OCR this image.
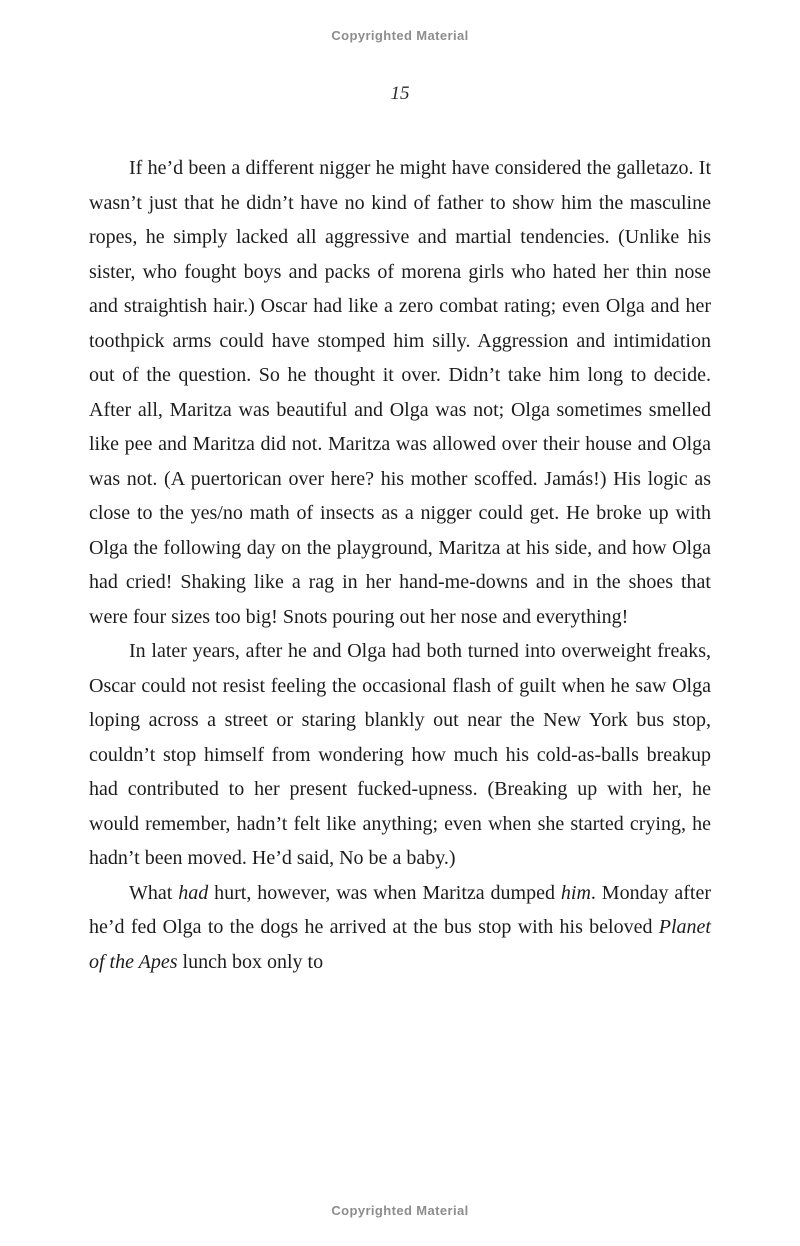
Copyrighted Material
15

If he’d been a different nigger he might have considered the galletazo. It wasn’t just that he didn’t have no kind of father to show him the masculine ropes, he simply lacked all aggressive and martial tendencies. (Unlike his sister, who fought boys and packs of morena girls who hated her thin nose and straightish hair.) Oscar had like a zero combat rating; even Olga and her toothpick arms could have stomped him silly. Aggression and intimidation out of the question. So he thought it over. Didn’t take him long to decide. After all, Maritza was beautiful and Olga was not; Olga sometimes smelled like pee and Maritza did not. Maritza was allowed over their house and Olga was not. (A puertorican over here? his mother scoffed. Jamás!) His logic as close to the yes/no math of insects as a nigger could get. He broke up with Olga the following day on the playground, Maritza at his side, and how Olga had cried! Shaking like a rag in her hand-me-downs and in the shoes that were four sizes too big! Snots pouring out her nose and everything!

In later years, after he and Olga had both turned into overweight freaks, Oscar could not resist feeling the occasional flash of guilt when he saw Olga loping across a street or staring blankly out near the New York bus stop, couldn’t stop himself from wondering how much his cold-as-balls breakup had contributed to her present fucked-upness. (Breaking up with her, he would remember, hadn’t felt like anything; even when she started crying, he hadn’t been moved. He’d said, No be a baby.)

What had hurt, however, was when Maritza dumped him. Monday after he’d fed Olga to the dogs he arrived at the bus stop with his beloved Planet of the Apes lunch box only to

Copyrighted Material
